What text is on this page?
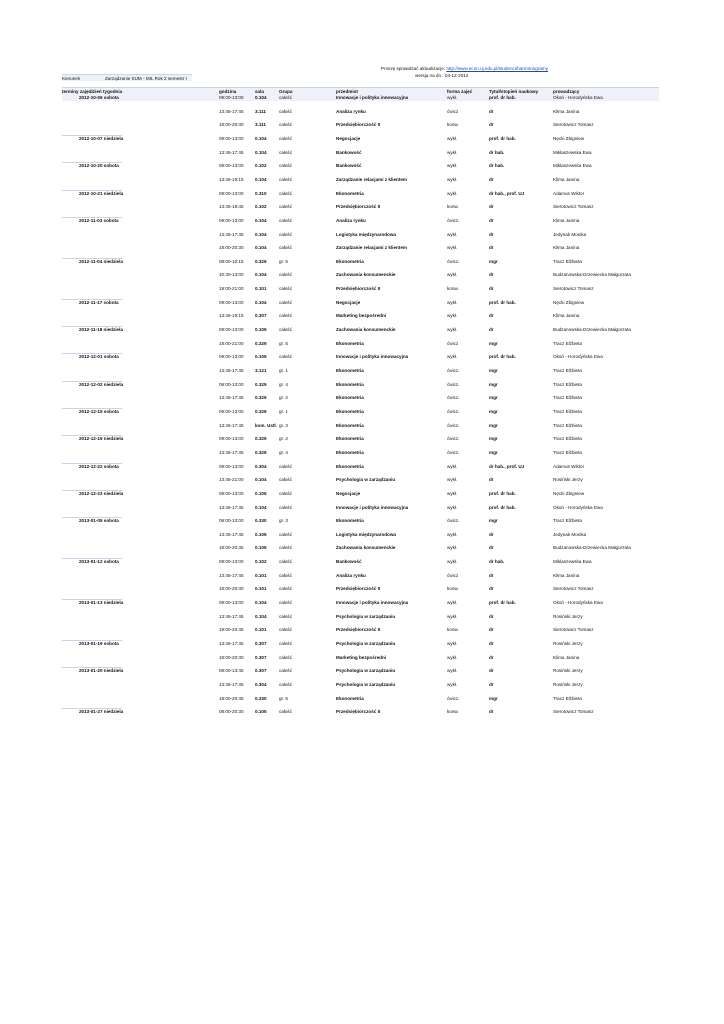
Proszę sprawdzać aktualizacje: http://www.econ.uj.edu.pl/studenci/harmonogramy
wersja na dn.: 04-12-2012
Kierunek	Zarządzanie SUM - MIL Rok 2 semestr I
terminy zajęć
dzień tygodnia	godzina	sala	Grupa	przedmiot	forma zajęć	Tytuł/stopień naukowy	prowadzący
2012-10-06 sobota	09:00-13:00 0.104	całość	Innowacje i polityka innowacyjna	wykł.	prof. dr hab.	Okoń - Horodyńska Ewa
13:45-17:45 3.111	całość	Analiza rynku	ćwicz.	dr	Klima Janina
18:00-20:30 3.111	całość	Przedsiębiorczość II	konw.	dr	Sierotowicz Tomasz
2012-10-07 niedziela	09:00-13:00 0.104	całość	Negocjacje	wykł.	prof. dr hab.	Nęcki Zbigniew
13:45-17:45 0.104	całość	Bankowość	wykł.	dr hab.	Miklaszewska Ewa
2012-10-20 sobota	09:00-13:00 0.102	całość	Bankowość	wykł.	dr hab.	Miklaszewska Ewa
13:45-19:15 0.104	całość	Zarządzanie relacjami z klientem	wykł.	dr	Klima Janina
2012-10-21 niedziela	09:00-13:00 0.310	całość	Ekonometria	wykł.	dr hab., prof. UJ	Adamus Wiktor
13:45-18:45 0.102	całość	Przedsiębiorczość II	konw.	dr	Sierotowicz Tomasz
2012-11-03 sobota	09:00-13:00 0.104	całość	Analiza rynku	ćwicz.	dr	Klima Janina
13:45-17:45 0.104	całość	Logistyka międzynarodowa	wykł.	dr	Jedynak Monika
18:00-20:30 0.104	całość	Zarządzanie relacjami z klientem	wykł.	dr	Klima Janina
2012-11-04 niedziela	08:00-10:15 0.329	gr. 5	Ekonometria	ćwicz.	mgr	Tracz Elżbieta
10:30-13:00 0.104	całość	Zachowania konsumenckie	wykł.	dr	Budzanowska-Drzewiecka Małgorzata
19:00-21:00 0.101	całość	Przedsiębiorczość II	konw.	dr	Sierotowicz Tomasz
2012-11-17 sobota	09:00-13:00 0.104	całość	Negocjacje	wykł.	prof. dr hab.	Nęcki Zbigniew
13:45-19:15 0.307	całość	Marketing bezpośredni	wykł.	dr	Klima Janina
2012-11-18 niedziela	09:00-13:00 0.105	całość	Zachowania konsumenckie	wykł.	dr	Budzanowska-Drzewiecka Małgorzata
18:00-21:00 0.329	gr. 5	Ekonometria	ćwicz.	mgr	Tracz Elżbieta
2012-12-01 sobota	09:00-13:00 0.105	całość	Innowacje i polityka innowacyjna	wykł.	prof. dr hab.	Okoń - Horodyńska Ewa
13:45-17:45 3.121	gr. 1	Ekonometria	ćwicz.	mgr	Tracz Elżbieta
2012-12-02 niedziela	09:00-13:00 0.329	gr. 4	Ekonometria	ćwicz.	mgr	Tracz Elżbieta
13:45-17:45 0.329	gr. 2	Ekonometria	ćwicz.	mgr	Tracz Elżbieta
2012-12-15 sobota	09:00-13:00 0.329	gr. 1	Ekonometria	ćwicz.	mgr	Tracz Elżbieta
13:45-17:45 kom. Ustl. gr. 3	Ekonometria	ćwicz.	mgr	Tracz Elżbieta
2012-12-16 niedziela	09:00-13:00 0.329	gr. 2	Ekonometria	ćwicz.	mgr	Tracz Elżbieta
13:45-17:45 0.329	gr. 4	Ekonometria	ćwicz.	mgr	Tracz Elżbieta
2012-12-22 sobota	09:00-13:00 0.304	całość	Ekonometria	wykł.	dr hab., prof. UJ	Adamus Wiktor
13:45-21:00 0.104	całość	Psychologia w zarządzaniu	wykł.	dr	Rosiński Jerzy
2012-12-23 niedziela	09:00-13:00 0.105	całość	Negocjacje	wykł.	prof. dr hab.	Nęcki Zbigniew
13:45-17:45 0.104	całość	Innowacje i polityka innowacyjna	wykł.	prof. dr hab.	Okoń - Horodyńska Ewa
2013-01-05 sobota	09:00-13:00 0.330	gr. 3	Ekonometria	ćwicz.	mgr	Tracz Elżbieta
13:45-17:45 0.105	całość	Logistyka międzynarodowa	wykł.	dr	Jedynak Monika
18:00-20:45 0.105	całość	Zachowania konsumenckie	wykł.	dr	Budzanowska-Drzewiecka Małgorzata
2013-01-12 sobota	09:00-13:00 0.102	całość	Bankowość	wykł.	dr hab.	Miklaszewska Ewa
13:45-17:45 0.101	całość	Analiza rynku	ćwicz.	dr	Klima Janina
18:00-20:30 0.101	całość	Przedsiębiorczość II	konw.	dr	Sierotowicz Tomasz
2013-01-13 niedziela	09:00-13:00 0.104	całość	Innowacje i polityka innowacyjna	wykł.	prof. dr hab.	Okoń - Horodyńska Ewa
13:45-17:45 0.104	całość	Psychologia w zarządzaniu	wykł.	dr	Rosiński Jerzy
19:00-20:45 0.101	całość	Przedsiębiorczość II	konw.	dr	Sierotowicz Tomasz
2013-01-19 sobota	13:45-17:45 0.307	całość	Psychologia w zarządzaniu	wykł.	dr	Rosiński Jerzy
18:00-20:30 0.307	całość	Marketing bezpośredni	wykł.	dr	Klima Janina
2013-01-20 niedziela	08:00-13:45 0.307	całość	Psychologia w zarządzaniu	wykł.	dr	Rosiński Jerzy
13:45-17:45 0.304	całość	Psychologia w zarządzaniu	wykł.	dr	Rosiński Jerzy
18:00-20:45 0.330	gr. 5	Ekonometria	ćwicz.	mgr	Tracz Elżbieta
2013-01-27 niedziela	08:00-20:30 0.105	całość	Przedsiębiorczość II	konw.	dr	Sierotowicz Tomasz
